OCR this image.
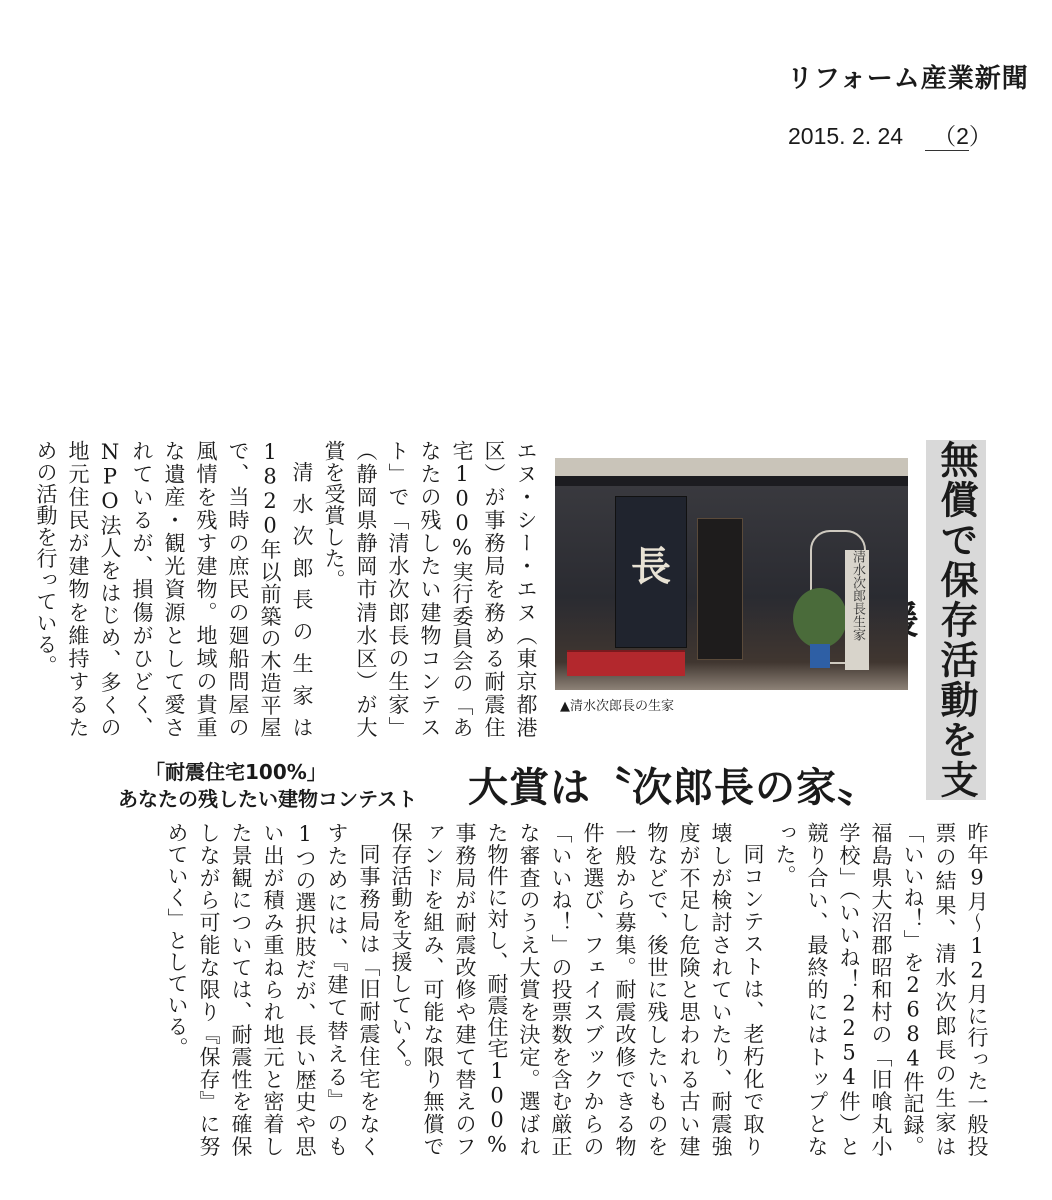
リフォーム産業新聞
2015. 2. 24 （2）
無償で保存活動を支
長	清水次郎長生家
▲清水次郎長の生家

エヌ・シー・エヌ（東京都港区）が事務局を務める耐震住宅100%実行委員会の「あなたの残したい建物コンテスト」で「清水次郎長の生家」（静岡県静岡市清水区）が大賞を受賞した。

清水次郎長の生家は1820年以前築の木造平屋で、当時の庶民の廻船問屋の風情を残す建物。地域の貴重な遺産・観光資源として愛されているが、損傷がひどく、NPO法人をはじめ、多くの地元住民が建物を維持するための活動を行っている。

「耐震住宅100%」
あなたの残したい建物コンテスト	大賞は〝次郎長の家〟

昨年9月～12月に行った一般投票の結果、清水次郎長の生家は「いいね！」を2684件記録。福島県大沼郡昭和村の「旧喰丸小学校」（いいね！2254件）と競り合い、最終的にはトップとなった。

同コンテストは、老朽化で取り壊しが検討されていたり、耐震強度が不足し危険と思われる古い建物などで、後世に残したいものを一般から募集。耐震改修できる物件を選び、フェイスブックからの「いいね！」の投票数を含む厳正な審査のうえ大賞を決定。選ばれた物件に対し、耐震住宅100%事務局が耐震改修や建て替えのファンドを組み、可能な限り無償で保存活動を支援していく。

同事務局は「旧耐震住宅をなくすためには、『建て替える』のも1つの選択肢だが、長い歴史や思い出が積み重ねられ地元と密着した景観については、耐震性を確保しながら可能な限り『保存』に努めていく」としている。
